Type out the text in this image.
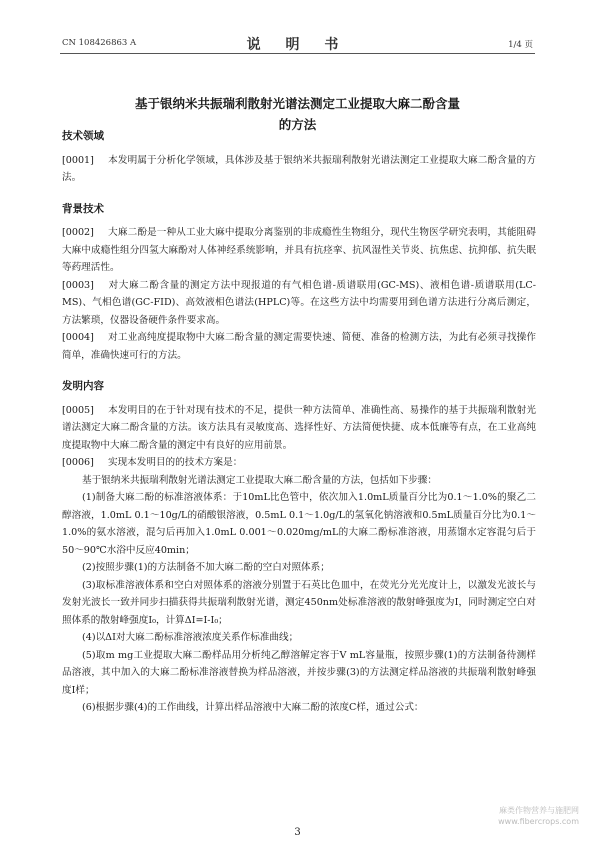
CN 108426863 A	说 明 书	1/4 页
基于银纳米共振瑞利散射光谱法测定工业提取大麻二酚含量
的方法
技术领域
[0001] 本发明属于分析化学领域，具体涉及基于银纳米共振瑞利散射光谱法测定工业提取大麻二酚含量的方法。
背景技术
[0002] 大麻二酚是一种从工业大麻中提取分离鉴别的非成瘾性生物组分，现代生物医学研究表明，其能阻碍大麻中成瘾性组分四氢大麻酚对人体神经系统影响，并具有抗痉挛、抗风湿性关节炎、抗焦虑、抗抑郁、抗失眠等药理活性。
[0003] 对大麻二酚含量的测定方法中现报道的有气相色谱-质谱联用(GC-MS)、液相色谱-质谱联用(LC-MS)、气相色谱(GC-FID)、高效液相色谱法(HPLC)等。在这些方法中均需要用到色谱方法进行分离后测定，方法繁琐，仪器设备硬件条件要求高。
[0004] 对工业高纯度提取物中大麻二酚含量的测定需要快速、简便、准备的检测方法，为此有必须寻找操作简单，准确快速可行的方法。
发明内容
[0005] 本发明目的在于针对现有技术的不足，提供一种方法简单、准确性高、易操作的基于共振瑞利散射光谱法测定大麻二酚含量的方法。该方法具有灵敏度高、选择性好、方法简便快捷、成本低廉等有点，在工业高纯度提取物中大麻二酚含量的测定中有良好的应用前景。
[0006] 实现本发明目的的技术方案是：
基于银纳米共振瑞利散射光谱法测定工业提取大麻二酚含量的方法，包括如下步骤：
(1)制备大麻二酚的标准溶液体系：于10mL比色管中，依次加入1.0mL质量百分比为0.1～1.0%的聚乙二醇溶液，1.0mL 0.1～10g/L的硝酸银溶液，0.5mL 0.1～1.0g/L的氢氧化钠溶液和0.5mL质量百分比为0.1～1.0%的氨水溶液，混匀后再加入1.0mL 0.001～0.020mg/mL的大麻二酚标准溶液，用蒸馏水定容混匀后于50～90℃水浴中反应40min；
(2)按照步骤(1)的方法制备不加大麻二酚的空白对照体系；
(3)取标准溶液体系和空白对照体系的溶液分别置于石英比色皿中，在荧光分光光度计上，以激发光波长与发射光波长一致并同步扫描获得共振瑞利散射光谱，测定450nm处标准溶液的散射峰强度为I，同时测定空白对照体系的散射峰强度I₀，计算ΔI=I-I₀；
(4)以ΔI对大麻二酚标准溶液浓度关系作标准曲线；
(5)取m mg工业提取大麻二酚样品用分析纯乙醇溶解定容于V mL容量瓶，按照步骤(1)的方法制备待测样品溶液，其中加入的大麻二酚标准溶液替换为样品溶液，并按步骤(3)的方法测定样品溶液的共振瑞利散射峰强度I样；
(6)根据步骤(4)的工作曲线，计算出样品溶液中大麻二酚的浓度C样，通过公式：
3
麻类作物营养与施肥网
www.fibercrops.com
